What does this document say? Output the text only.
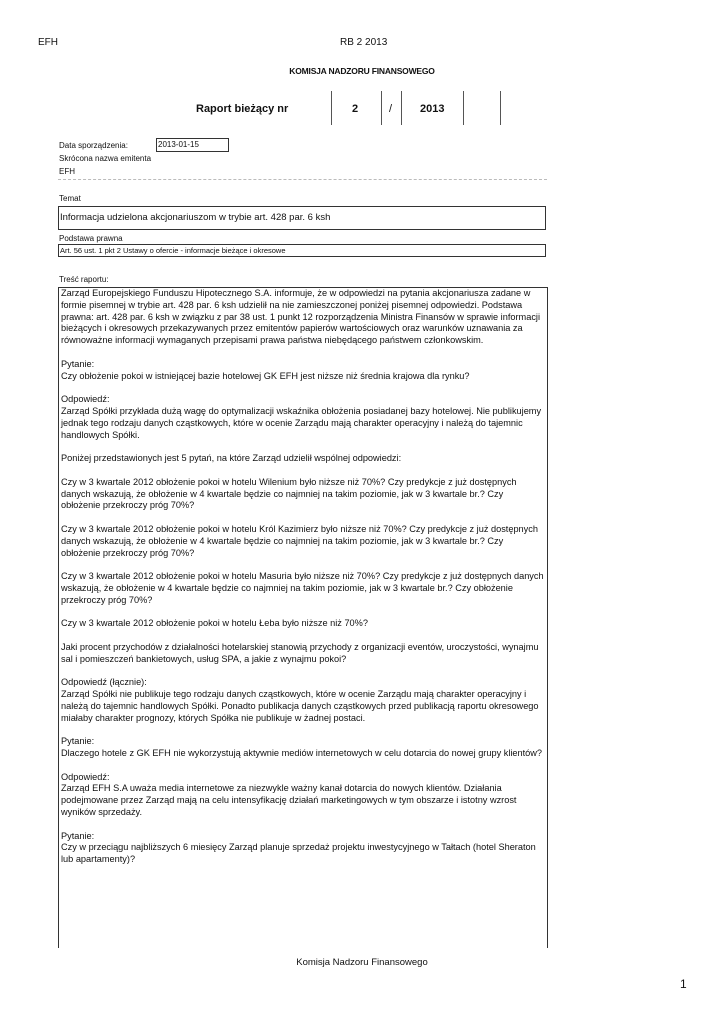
EFH	RB 2 2013
KOMISJA NADZORU FINANSOWEGO
Raport bieżący nr	2	/	2013
Data sporządzenia:	2013-01-15
Skrócona nazwa emitenta
EFH
Temat
Informacja udzielona akcjonariuszom w trybie art. 428 par. 6 ksh
Podstawa prawna
Art. 56 ust. 1 pkt 2 Ustawy o ofercie - informacje bieżące i okresowe
Treść raportu:

Zarząd Europejskiego Funduszu Hipotecznego S.A. informuje, że w odpowiedzi na pytania akcjonariusza zadane w formie pisemnej w trybie art. 428 par. 6 ksh udzielił na nie zamieszczonej poniżej pisemnej odpowiedzi. Podstawa prawna: art. 428 par. 6 ksh w związku z par 38 ust. 1 punkt 12 rozporządzenia Ministra Finansów w sprawie informacji bieżących i okresowych przekazywanych przez emitentów papierów wartościowych oraz warunków uznawania za równoważne informacji wymaganych przepisami prawa państwa niebędącego państwem członkowskim.

Pytanie:
Czy obłożenie pokoi w istniejącej bazie hotelowej GK EFH jest niższe niż średnia krajowa dla rynku?

Odpowiedź:
Zarząd Spółki przykłada dużą wagę do optymalizacji wskaźnika obłożenia posiadanej bazy hotelowej. Nie publikujemy jednak tego rodzaju danych cząstkowych, które w ocenie Zarządu mają charakter operacyjny i należą do tajemnic handlowych Spółki.

Poniżej przedstawionych jest 5 pytań, na które Zarząd udzielił wspólnej odpowiedzi:

Czy w 3 kwartale 2012 obłożenie pokoi w hotelu Wilenium było niższe niż 70%? Czy predykcje z już dostępnych danych wskazują, że obłożenie w 4 kwartale będzie co najmniej na takim poziomie, jak w 3 kwartale br.? Czy obłożenie przekroczy próg 70%?

Czy w 3 kwartale 2012 obłożenie pokoi w hotelu Król Kazimierz było niższe niż 70%? Czy predykcje z już dostępnych danych wskazują, że obłożenie w 4 kwartale będzie co najmniej na takim poziomie, jak w 3 kwartale br.? Czy obłożenie przekroczy próg 70%?

Czy w 3 kwartale 2012 obłożenie pokoi w hotelu Masuria było niższe niż 70%? Czy predykcje z już dostępnych danych wskazują, że obłożenie w 4 kwartale będzie co najmniej na takim poziomie, jak w 3 kwartale br.? Czy obłożenie przekroczy próg 70%?

Czy w 3 kwartale 2012 obłożenie pokoi w hotelu Łeba było niższe niż 70%?

Jaki procent przychodów z działalności hotelarskiej stanowią przychody z organizacji eventów, uroczystości, wynajmu sal i pomieszczeń bankietowych, usług SPA, a jakie z wynajmu pokoi?

Odpowiedź (łącznie):
Zarząd Spółki nie publikuje tego rodzaju danych cząstkowych, które w ocenie Zarządu mają charakter operacyjny i należą do tajemnic handlowych Spółki. Ponadto publikacja danych cząstkowych przed publikacją raportu okresowego miałaby charakter prognozy, których Spółka nie publikuje w żadnej postaci.

Pytanie:
Dlaczego hotele z GK EFH nie wykorzystują aktywnie mediów internetowych w celu dotarcia do nowej grupy klientów?

Odpowiedź:
Zarząd EFH S.A uważa media internetowe za niezwykle ważny kanał dotarcia do nowych klientów. Działania podejmowane przez Zarząd mają na celu intensyfikację działań marketingowych w tym obszarze i istotny wzrost wyników sprzedaży.

Pytanie:
Czy w przeciągu najbliższych 6 miesięcy Zarząd planuje sprzedaż projektu inwestycyjnego w Tałtach (hotel Sheraton lub apartamenty)?

Komisja Nadzoru Finansowego
1
